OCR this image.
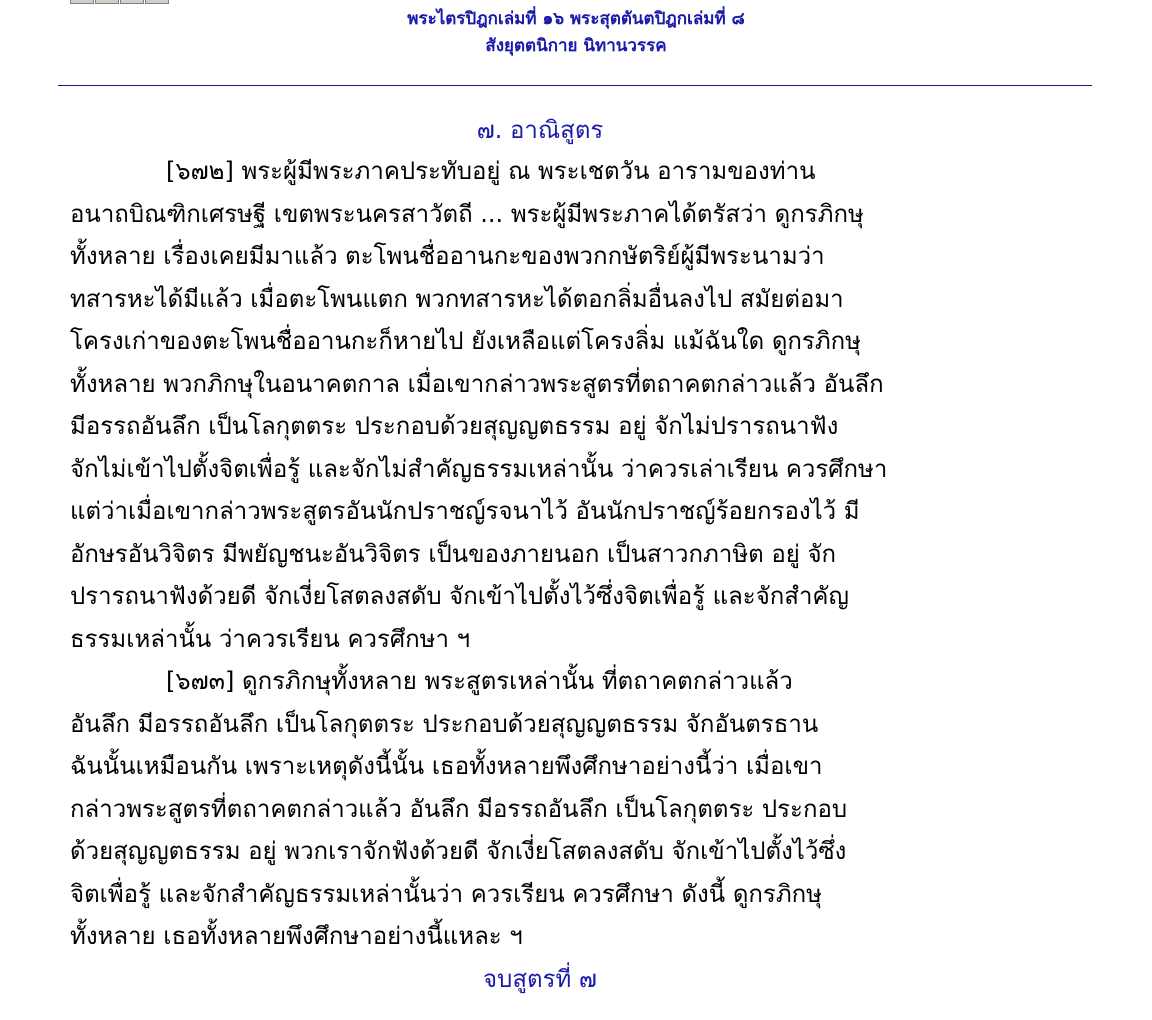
พระไตรปิฎกเล่มที่ ๑๖ พระสุตตันตปิฎกเล่มที่ ๘
สังยุตตนิกาย นิทานวรรค
๗. อาณิสูตร
[๖๗๒] พระผู้มีพระภาคประทับอยู่ ณ พระเชตวัน อารามของท่าน
อนาถบิณฑิกเศรษฐี เขตพระนครสาวัตถี ... พระผู้มีพระภาคได้ตรัสว่า ดูกรภิกษุ
ทั้งหลาย เรื่องเคยมีมาแล้ว ตะโพนชื่ออานกะของพวกกษัตริย์ผู้มีพระนามว่า
ทสารหะได้มีแล้ว เมื่อตะโพนแตก พวกทสารหะได้ตอกลิ่มอื่นลงไป สมัยต่อมา
โครงเก่าของตะโพนชื่ออานกะก็หายไป ยังเหลือแต่โครงลิ่ม แม้ฉันใด ดูกรภิกษุ
ทั้งหลาย พวกภิกษุในอนาคตกาล เมื่อเขากล่าวพระสูตรที่ตถาคตกล่าวแล้ว อันลึก
มีอรรถอันลึก เป็นโลกุตตระ ประกอบด้วยสุญญตธรรม อยู่ จักไม่ปรารถนาฟัง
จักไม่เข้าไปตั้งจิตเพื่อรู้ และจักไม่สำคัญธรรมเหล่านั้น ว่าควรเล่าเรียน ควรศึกษา
แต่ว่าเมื่อเขากล่าวพระสูตรอันนักปราชญ์รจนาไว้ อันนักปราชญ์ร้อยกรองไว้ มี
อักษรอันวิจิตร มีพยัญชนะอันวิจิตร เป็นของภายนอก เป็นสาวกภาษิต อยู่ จัก
ปรารถนาฟังด้วยดี จักเงี่ยโสตลงสดับ จักเข้าไปตั้งไว้ซึ่งจิตเพื่อรู้ และจักสำคัญ
ธรรมเหล่านั้น ว่าควรเรียน ควรศึกษา ฯ
[๖๗๓] ดูกรภิกษุทั้งหลาย พระสูตรเหล่านั้น ที่ตถาคตกล่าวแล้ว
อันลึก มีอรรถอันลึก เป็นโลกุตตระ ประกอบด้วยสุญญตธรรม จักอันตรธาน
ฉันนั้นเหมือนกัน เพราะเหตุดังนี้นั้น เธอทั้งหลายพึงศึกษาอย่างนี้ว่า เมื่อเขา
กล่าวพระสูตรที่ตถาคตกล่าวแล้ว อันลึก มีอรรถอันลึก เป็นโลกุตตระ ประกอบ
ด้วยสุญญตธรรม อยู่ พวกเราจักฟังด้วยดี จักเงี่ยโสตลงสดับ จักเข้าไปตั้งไว้ซึ่ง
จิตเพื่อรู้ และจักสำคัญธรรมเหล่านั้นว่า ควรเรียน ควรศึกษา ดังนี้ ดูกรภิกษุ
ทั้งหลาย เธอทั้งหลายพึงศึกษาอย่างนี้แหละ ฯ
จบสูตรที่ ๗
